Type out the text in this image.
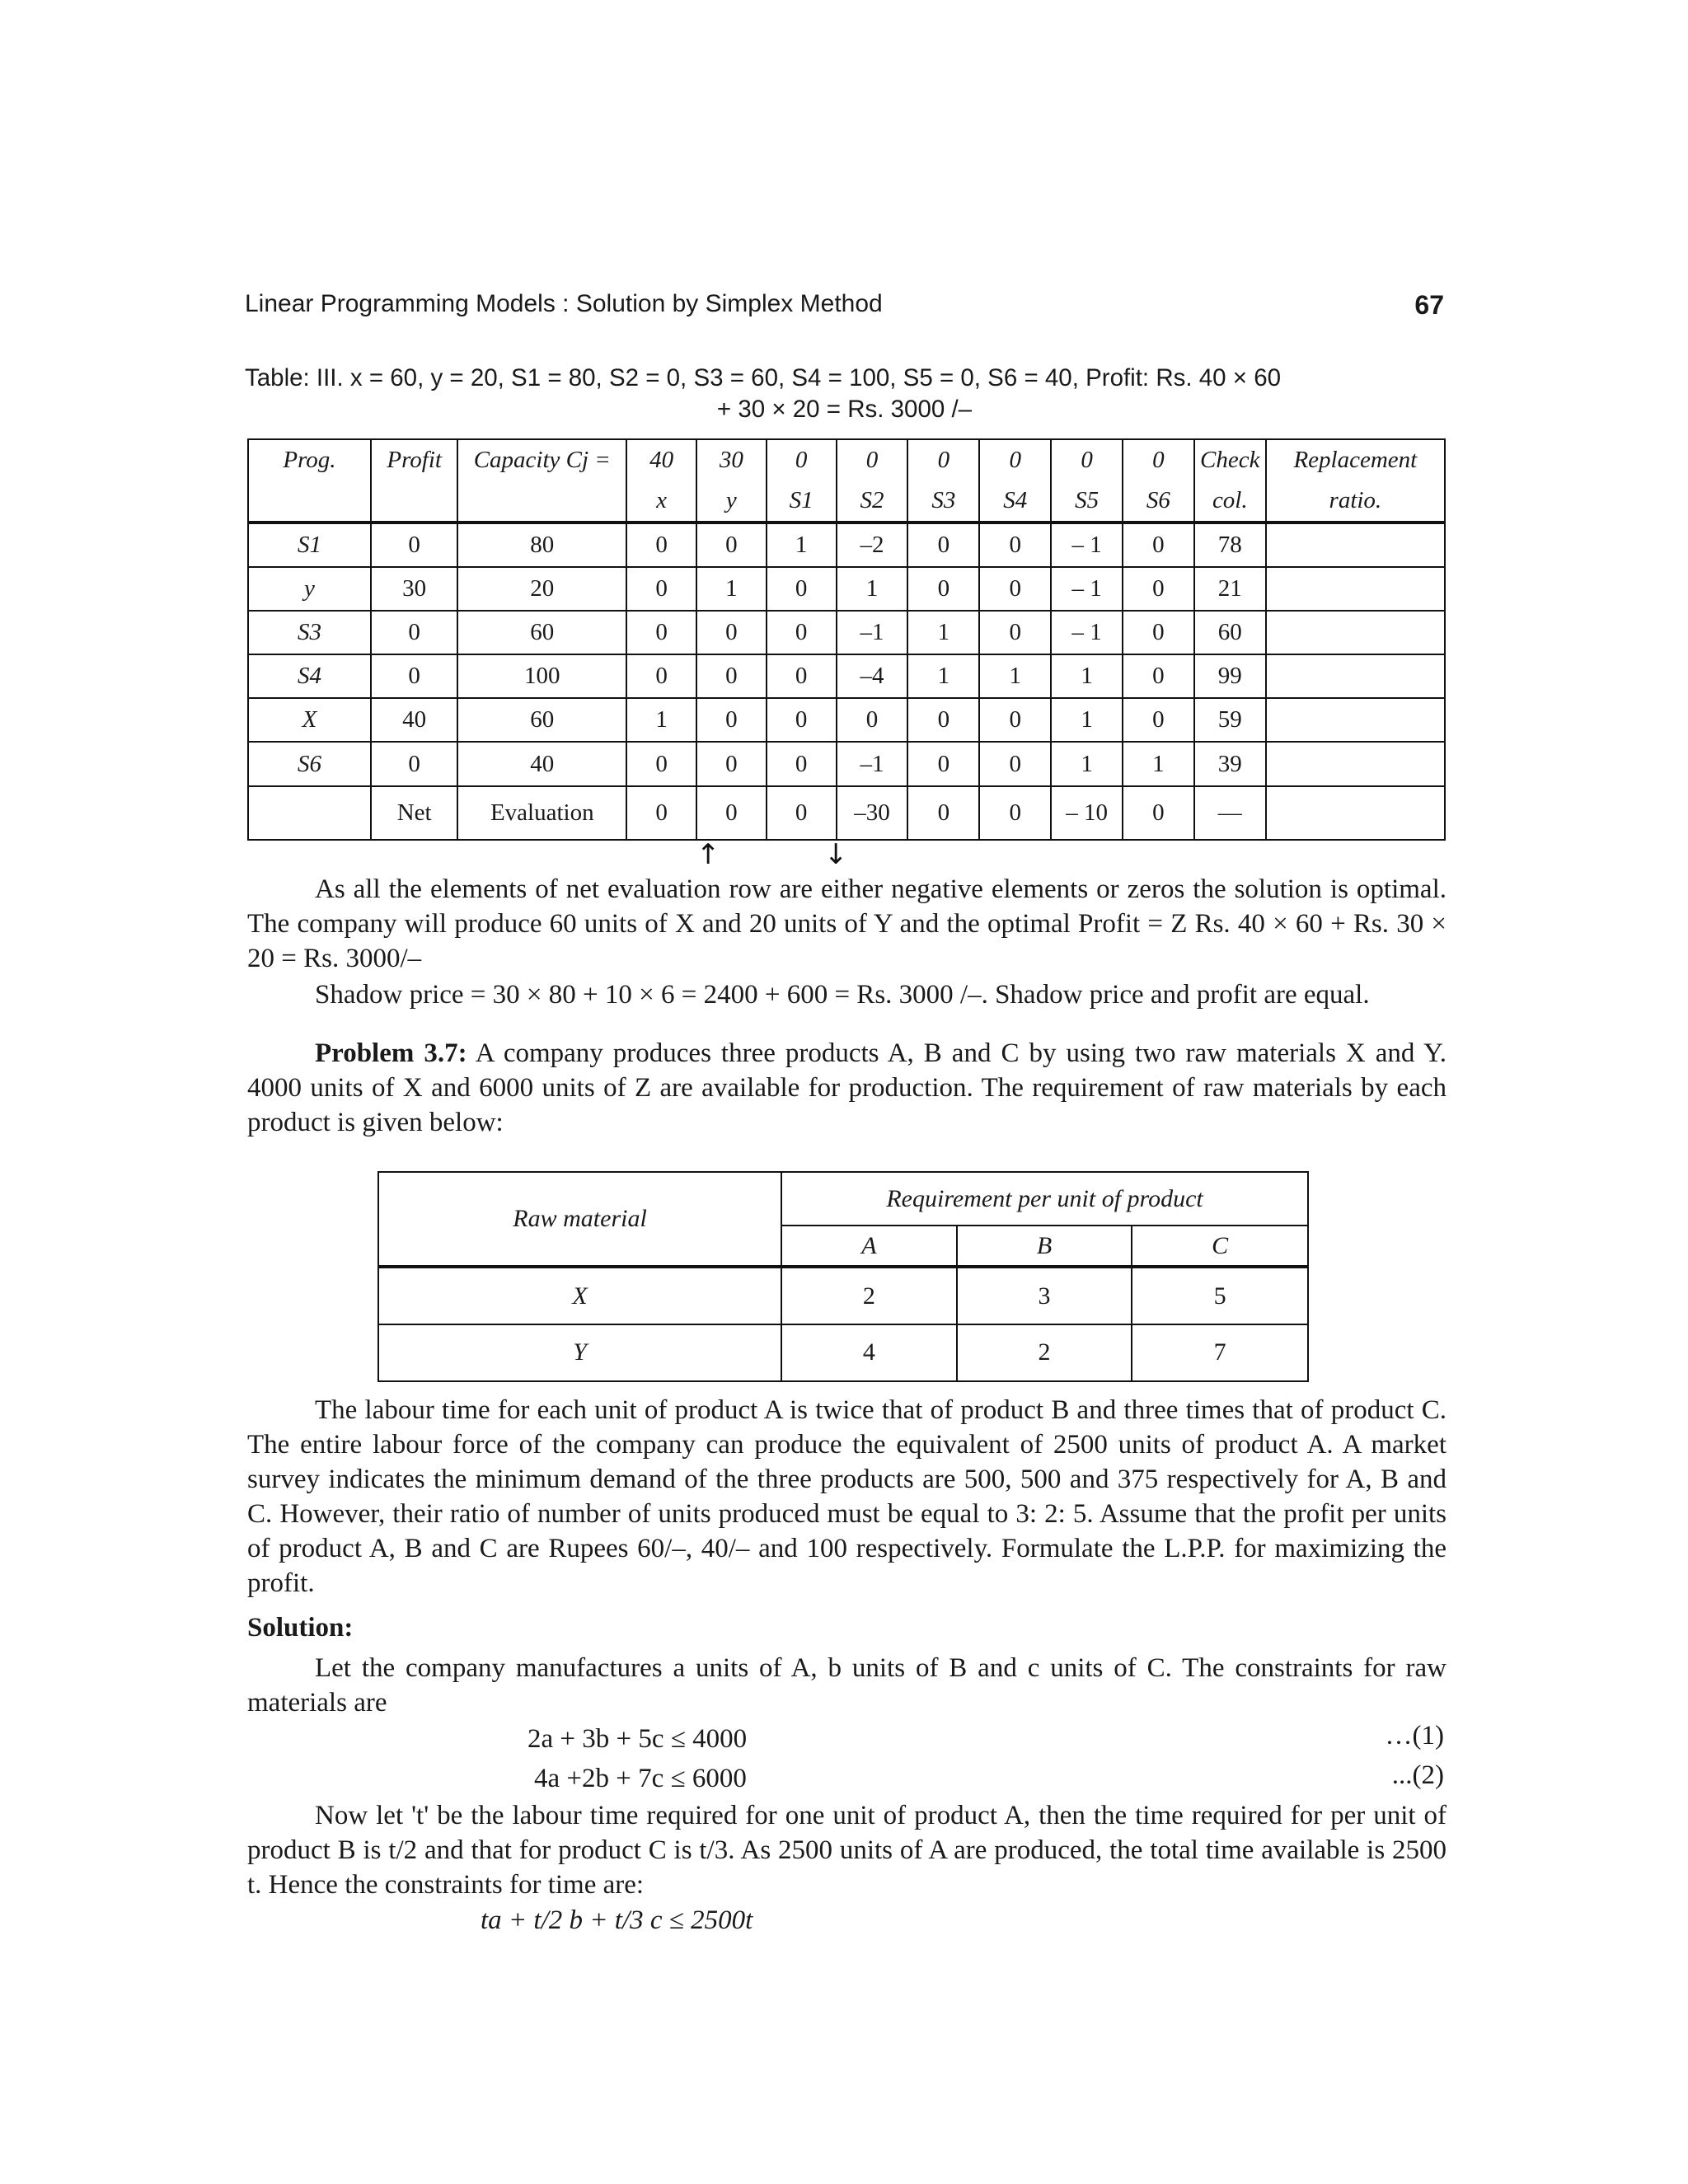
Linear Programming Models : Solution by Simplex Method	67
Table: III. x = 60, y = 20, S1 = 80, S2 = 0, S3 = 60, S4 = 100, S5 = 0, S6 = 40, Profit: Rs. 40 × 60
+ 30 × 20 = Rs. 3000 /–
Prog.	Profit	Capacity Cj =	40	30	0	0	0	0	0	0	Check	Replacement
			x	y	S1	S2	S3	S4	S5	S6	col.	ratio.
S1	0	80	0	0	1	–2	0	0	– 1	0	78	
y	30	20	0	1	0	1	0	0	– 1	0	21	
S3	0	60	0	0	0	–1	1	0	– 1	0	60	
S4	0	100	0	0	0	–4	1	1	1	0	99	
X	40	60	1	0	0	0	0	0	1	0	59	
S6	0	40	0	0	0	–1	0	0	1	1	39	
	Net	Evaluation	0	0	0	–30	0	0	– 10	0	—	
↑	↓

As all the elements of net evaluation row are either negative elements or zeros the solution is optimal. The company will produce 60 units of X and 20 units of Y and the optimal Profit = Z Rs. 40 × 60 + Rs. 30 × 20 = Rs. 3000/–

Shadow price = 30 × 80 + 10 × 6 = 2400 + 600 = Rs. 3000 /–. Shadow price and profit are equal.

Problem 3.7: A company produces three products A, B and C by using two raw materials X and Y. 4000 units of X and 6000 units of Z are available for production. The requirement of raw materials by each product is given below:

Raw material	Requirement per unit of product		
	A	B	C
X	2	3	5
Y	4	2	7

The labour time for each unit of product A is twice that of product B and three times that of product C. The entire labour force of the company can produce the equivalent of 2500 units of product A. A market survey indicates the minimum demand of the three products are 500, 500 and 375 respectively for A, B and C. However, their ratio of number of units produced must be equal to 3: 2: 5. Assume that the profit per units of product A, B and C are Rupees 60/–, 40/– and 100 respectively. Formulate the L.P.P. for maximizing the profit.

Solution:

Let the company manufactures a units of A, b units of B and c units of C. The constraints for raw materials are

2a + 3b + 5c ≤ 4000	…(1)
4a +2b + 7c ≤ 6000	...(2)

Now let 't' be the labour time required for one unit of product A, then the time required for per unit of product B is t/2 and that for product C is t/3. As 2500 units of A are produced, the total time available is 2500 t. Hence the constraints for time are:

ta + t/2 b + t/3 c ≤ 2500t
